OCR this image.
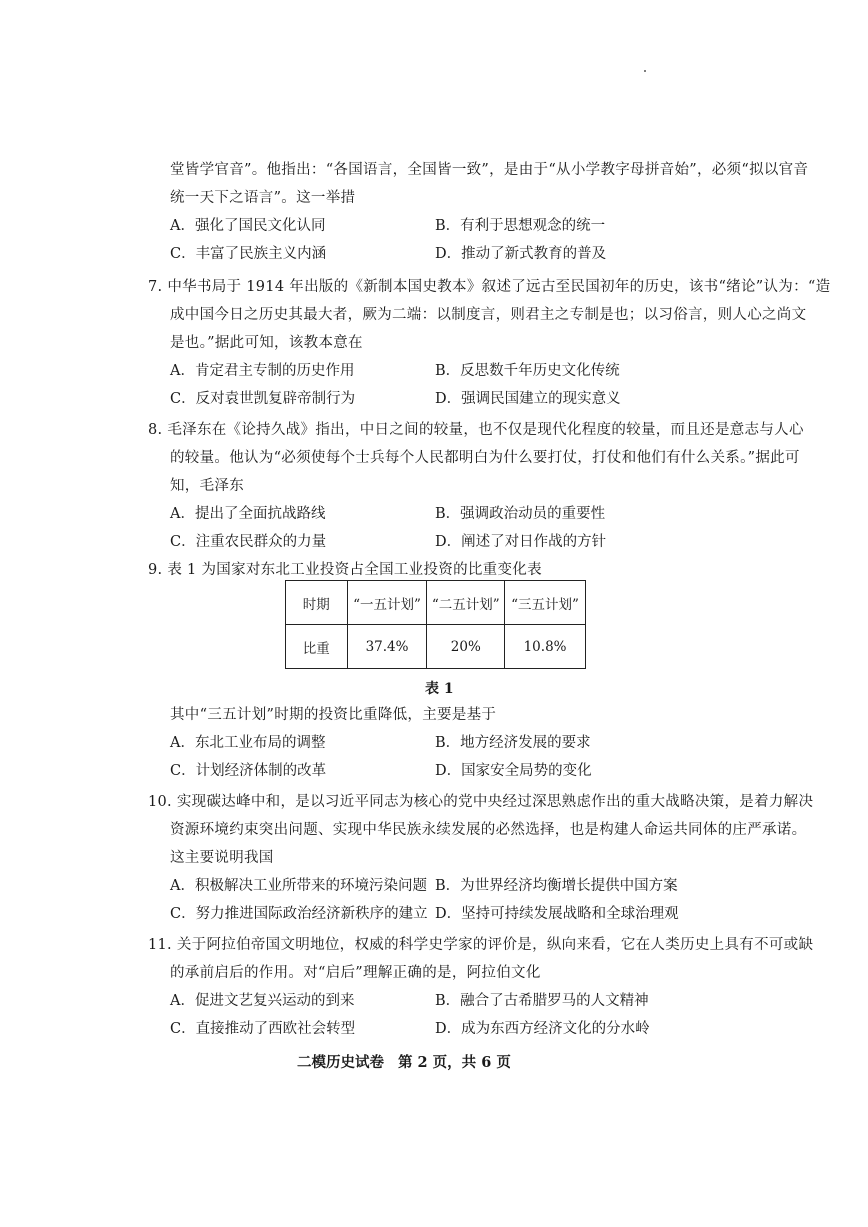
堂皆学官音”。他指出：“各国语言，全国皆一致”，是由于“从小学教字母拼音始”，必须“拟以官音
统一天下之语言”。这一举措
A．强化了国民文化认同	B．有利于思想观念的统一
C．丰富了民族主义内涵	D．推动了新式教育的普及
7. 中华书局于 1914 年出版的《新制本国史教本》叙述了远古至民国初年的历史，该书“绪论”认为：“造
成中国今日之历史其最大者，厥为二端：以制度言，则君主之专制是也；以习俗言，则人心之尚文
是也。”据此可知，该教本意在
A．肯定君主专制的历史作用	B．反思数千年历史文化传统
C．反对袁世凯复辟帝制行为	D．强调民国建立的现实意义
8. 毛泽东在《论持久战》指出，中日之间的较量，也不仅是现代化程度的较量，而且还是意志与人心
的较量。他认为“必须使每个士兵每个人民都明白为什么要打仗，打仗和他们有什么关系。”据此可
知，毛泽东
A．提出了全面抗战路线	B．强调政治动员的重要性
C．注重农民群众的力量	D．阐述了对日作战的方针
9. 表 1 为国家对东北工业投资占全国工业投资的比重变化表
时期	“一五计划”	“二五计划”	“三五计划”
比重	37.4%	20%	10.8%
表 1
其中“三五计划”时期的投资比重降低，主要是基于
A．东北工业布局的调整	B．地方经济发展的要求
C．计划经济体制的改革	D．国家安全局势的变化
10. 实现碳达峰中和，是以习近平同志为核心的党中央经过深思熟虑作出的重大战略决策，是着力解决
资源环境约束突出问题、实现中华民族永续发展的必然选择，也是构建人命运共同体的庄严承诺。
这主要说明我国
A．积极解决工业所带来的环境污染问题 B．为世界经济均衡增长提供中国方案
C．努力推进国际政治经济新秩序的建立 D．坚持可持续发展战略和全球治理观
11. 关于阿拉伯帝国文明地位，权威的科学史学家的评价是，纵向来看，它在人类历史上具有不可或缺
的承前启后的作用。对“启后”理解正确的是，阿拉伯文化
A．促进文艺复兴运动的到来	B．融合了古希腊罗马的人文精神
C．直接推动了西欧社会转型	D．成为东西方经济文化的分水岭
二模历史试卷 第 2 页，共 6 页
